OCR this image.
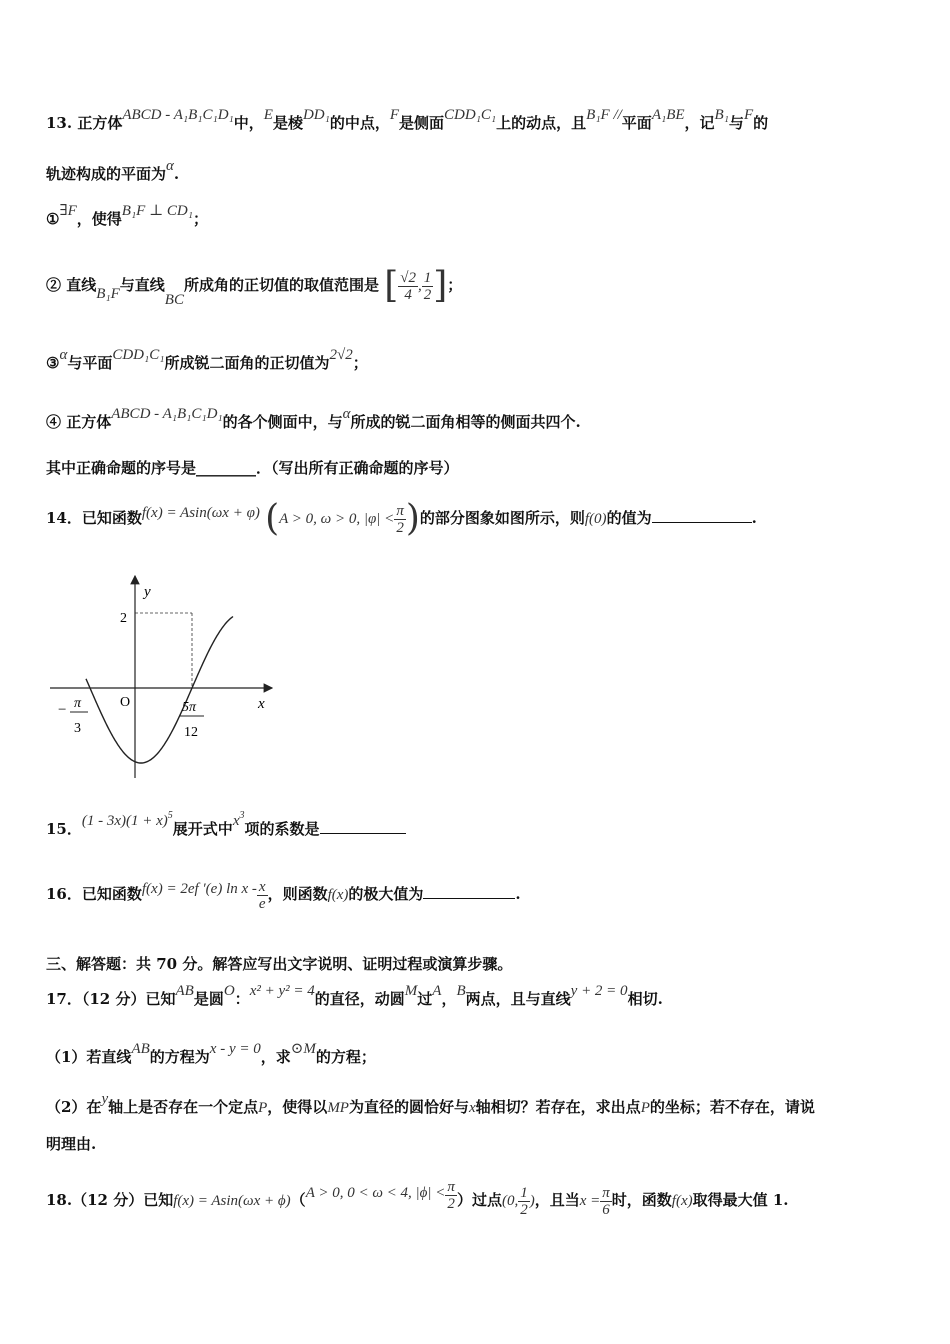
13. 正方体ABCD - A₁B₁C₁D₁中，E是棱DD₁的中点，F是侧面CDD₁C₁上的动点，且B₁F //平面A₁BE，记B₁与F的
轨迹构成的平面为α.
①∃F，使得B₁F ⊥ CD₁；
② 直线B₁F与直线BC所成角的正切值的取值范围是 [ $\frac{√2}{4}$ , $\frac{1}{2}$ ]；
③α与平面CDD₁C₁所成锐二面角的正切值为2√2；
④ 正方体ABCD - A₁B₁C₁D₁的各个侧面中，与α所成的锐二面角相等的侧面共四个.
其中正确命题的序号是________．（写出所有正确命题的序号）
14．已知函数f(x) = Asin(ωx + φ) (A > 0, ω > 0, $|\varphi| < \frac{\pi}{2}$ )的部分图象如图所示，则f(0)的值为	.
y
x
O
2
− π
3
5π
12
15．$(1 - 3x)(1 + x)^5$展开式中$x^3$项的系数是
16．已知函数f(x) = 2ef ′(e) ln x - $\frac{x}{e}$ ，则函数f(x)的极大值为	.
三、解答题：共 70 分。解答应写出文字说明、证明过程或演算步骤。
17．（12 分）已知AB是圆O：x² + y² = 4的直径，动圆M过A，B两点，且与直线y + 2 = 0相切.
（1）若直线AB的方程为x - y = 0，求⊙M的方程；
（2）在y轴上是否存在一个定点P，使得以MP为直径的圆恰好与x轴相切？若存在，求出点P的坐标；若不存在，请说
明理由.
18.（12 分）已知f(x) = Asin(ωx + ϕ)（A > 0, 0 < ω < 4, $|\phi| < \frac{\pi}{2}$ ）过点(0, $\frac{1}{2}$ )，且当$x = \frac{\pi}{6}$ 时，函数f(x)取得最大值 1.
